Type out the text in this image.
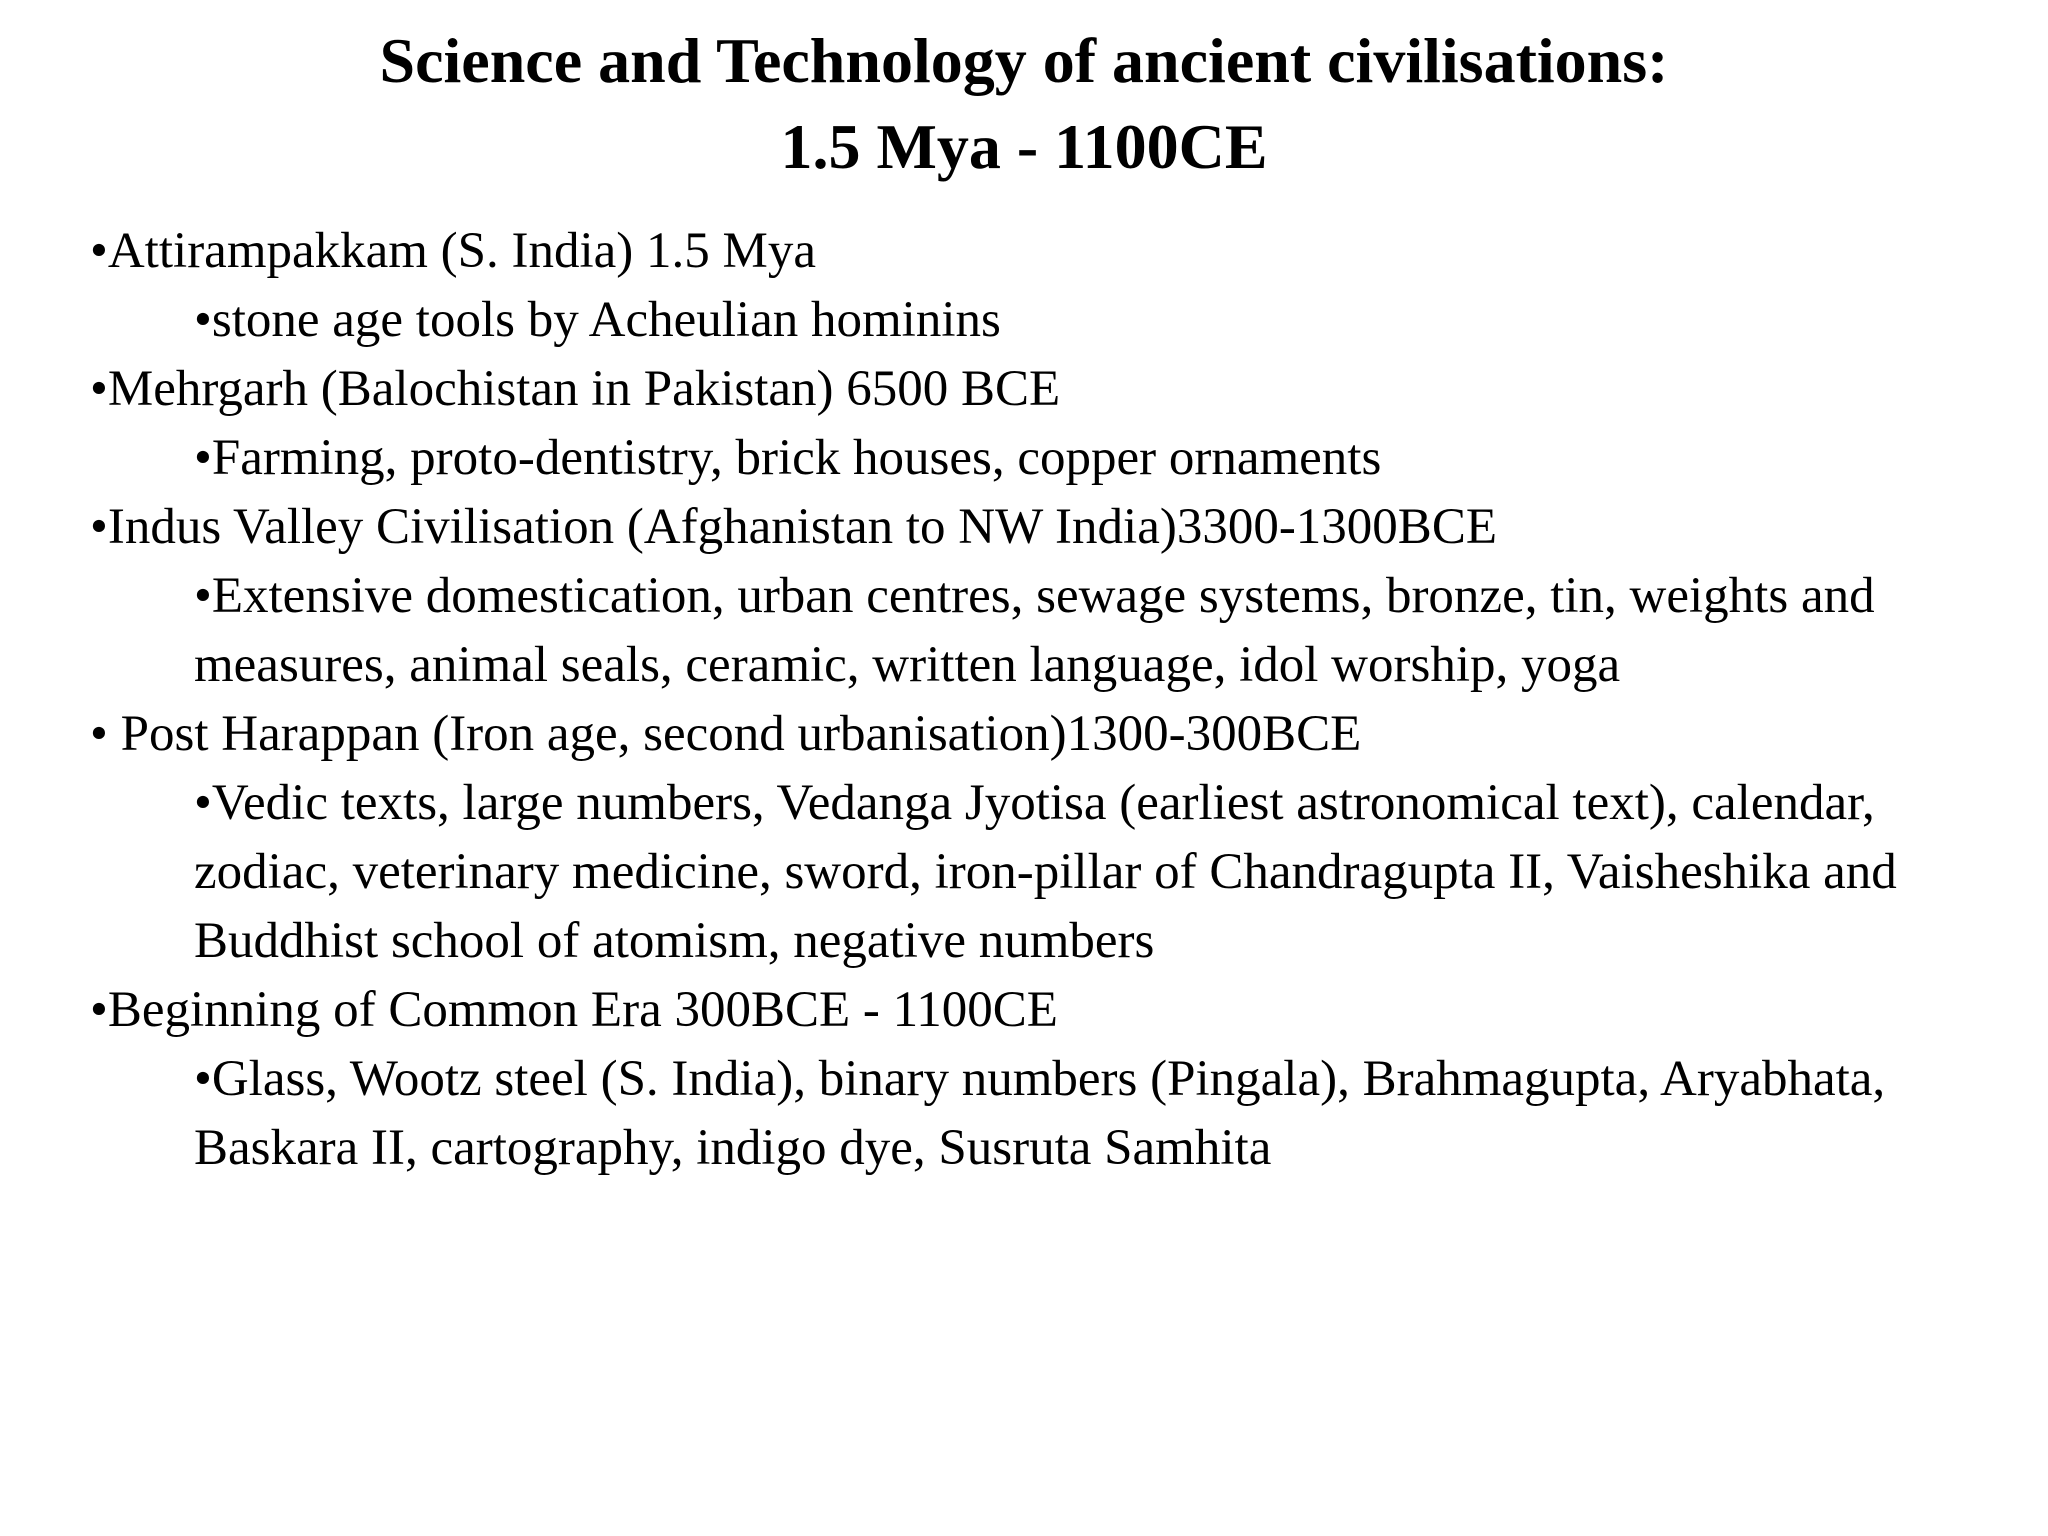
Science and Technology of ancient civilisations:
1.5 Mya - 1100CE

•Attirampakkam (S. India) 1.5 Mya

•stone age tools by Acheulian hominins

•Mehrgarh (Balochistan in Pakistan) 6500 BCE

•Farming, proto-dentistry, brick houses, copper ornaments

•Indus Valley Civilisation (Afghanistan to NW India)3300-1300BCE

•Extensive domestication, urban centres, sewage systems, bronze, tin, weights and measures, animal seals, ceramic, written language, idol worship, yoga

• Post Harappan (Iron age, second urbanisation)1300-300BCE

•Vedic texts, large numbers, Vedanga Jyotisa (earliest astronomical text), calendar, zodiac, veterinary medicine, sword, iron-pillar of Chandragupta II, Vaisheshika and Buddhist school of atomism, negative numbers

•Beginning of Common Era 300BCE - 1100CE

•Glass, Wootz steel (S. India), binary numbers (Pingala), Brahmagupta, Aryabhata, Baskara II, cartography, indigo dye, Susruta Samhita
